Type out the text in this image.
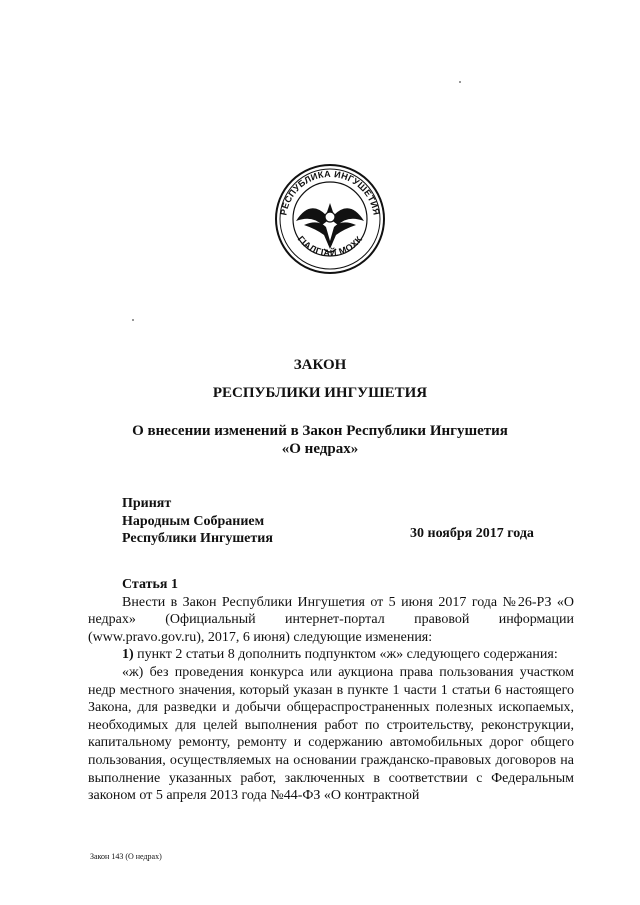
РЕСПУБЛИКА ИНГУШЕТИЯ
ГІАЛГІАЙ МОХК
✦
ЗАКОН
РЕСПУБЛИКИ ИНГУШЕТИЯ
О внесении изменений в Закон Республики Ингушетия
«О недрах»
Принят
Народным Собранием
Республики Ингушетия	30 ноября 2017 года

Статья 1

Внести в Закон Республики Ингушетия от 5 июня 2017 года №26-РЗ «О недрах» (Официальный интернет-портал правовой информации (www.pravo.gov.ru), 2017, 6 июня) следующие изменения:

1) пункт 2 статьи 8 дополнить подпунктом «ж» следующего содержания:

«ж) без проведения конкурса или аукциона права пользования участком недр местного значения, который указан в пункте 1 части 1 статьи 6 настоящего Закона, для разведки и добычи общераспространенных полезных ископаемых, необходимых для целей выполнения работ по строительству, реконструкции, капитальному ремонту, ремонту и содержанию автомобильных дорог общего пользования, осуществляемых на основании гражданско-правовых договоров на выполнение указанных работ, заключенных в соответствии с Федеральным законом от 5 апреля 2013 года №44-ФЗ «О контрактной

Закон 143 (О недрах)
